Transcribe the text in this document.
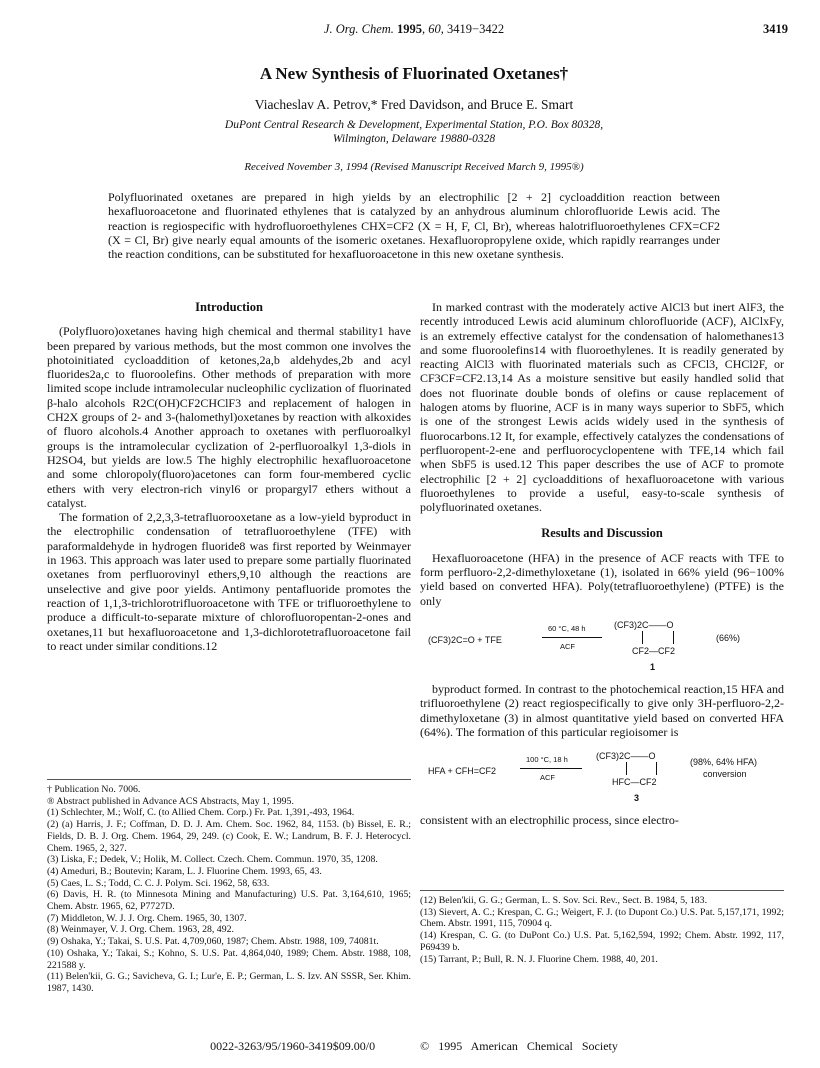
J. Org. Chem. 1995, 60, 3419−3422	3419
A New Synthesis of Fluorinated Oxetanes†
Viacheslav A. Petrov,* Fred Davidson, and Bruce E. Smart
DuPont Central Research & Development, Experimental Station, P.O. Box 80328,
Wilmington, Delaware 19880-0328
Received November 3, 1994 (Revised Manuscript Received March 9, 1995®)
Polyfluorinated oxetanes are prepared in high yields by an electrophilic [2 + 2] cycloaddition reaction between hexafluoroacetone and fluorinated ethylenes that is catalyzed by an anhydrous aluminum chlorofluoride Lewis acid. The reaction is regiospecific with hydrofluoroethylenes CHX=CF2 (X = H, F, Cl, Br), whereas halotrifluoroethylenes CFX=CF2 (X = Cl, Br) give nearly equal amounts of the isomeric oxetanes. Hexafluoropropylene oxide, which rapidly rearranges under the reaction conditions, can be substituted for hexafluoroacetone in this new oxetane synthesis.
Introduction

(Polyfluoro)oxetanes having high chemical and thermal stability1 have been prepared by various methods, but the most common one involves the photoinitiated cycloaddition of ketones,2a,b aldehydes,2b and acyl fluorides2a,c to fluoroolefins. Other methods of preparation with more limited scope include intramolecular nucleophilic cyclization of fluorinated β-halo alcohols R2C(OH)CF2CHClF3 and replacement of halogen in CH2X groups of 2- and 3-(halomethyl)oxetanes by reaction with alkoxides of fluoro alcohols.4 Another approach to oxetanes with perfluoroalkyl groups is the intramolecular cyclization of 2-perfluoroalkyl 1,3-diols in H2SO4, but yields are low.5 The highly electrophilic hexafluoroacetone and some chloropoly(fluoro)acetones can form four-membered cyclic ethers with very electron-rich vinyl6 or propargyl7 ethers without a catalyst.

The formation of 2,2,3,3-tetrafluorooxetane as a low-yield byproduct in the electrophilic condensation of tetrafluoroethylene (TFE) with paraformaldehyde in hydrogen fluoride8 was first reported by Weinmayer in 1963. This approach was later used to prepare some partially fluorinated oxetanes from perfluorovinyl ethers,9,10 although the reactions are unselective and give poor yields. Antimony pentafluoride promotes the reaction of 1,1,3-trichlorotrifluoroacetone with TFE or trifluoroethylene to produce a difficult-to-separate mixture of chlorofluoropentan-2-ones and oxetanes,11 but hexafluoroacetone and 1,3-dichlorotetrafluoroacetone fail to react under similar conditions.12

In marked contrast with the moderately active AlCl3 but inert AlF3, the recently introduced Lewis acid aluminum chlorofluoride (ACF), AlClxFy, is an extremely effective catalyst for the condensation of halomethanes13 and some fluoroolefins14 with fluoroethylenes. It is readily generated by reacting AlCl3 with fluorinated materials such as CFCl3, CHCl2F, or CF3CF=CF2.13,14 As a moisture sensitive but easily handled solid that does not fluorinate double bonds of olefins or cause replacement of halogen atoms by fluorine, ACF is in many ways superior to SbF5, which is one of the strongest Lewis acids widely used in the synthesis of fluorocarbons.12 It, for example, effectively catalyzes the condensations of perfluoropent-2-ene and perfluorocyclopentene with TFE,14 which fail when SbF5 is used.12 This paper describes the use of ACF to promote electrophilic [2 + 2] cycloadditions of hexafluoroacetone with various fluoroethylenes to provide a useful, easy-to-scale synthesis of polyfluorinated oxetanes.

Results and Discussion

Hexafluoroacetone (HFA) in the presence of ACF reacts with TFE to form perfluoro-2,2-dimethyloxetane (1), isolated in 66% yield (96−100% yield based on converted HFA). Poly(tetrafluoroethylene) (PTFE) is the only

(CF3)2C=O + TFE
60 °C, 48 h
ACF
(CF3)2C——O
CF2—CF2
(66%)
1

byproduct formed. In contrast to the photochemical reaction,15 HFA and trifluoroethylene (2) react regiospecifically to give only 3H-perfluoro-2,2-dimethyloxetane (3) in almost quantitative yield based on converted HFA (64%). The formation of this particular regioisomer is

HFA + CFH=CF2
100 °C, 18 h
ACF
(CF3)2C——O
HFC—CF2
(98%, 64% HFA)
conversion
3

consistent with an electrophilic process, since electro-

† Publication No. 7006.
® Abstract published in Advance ACS Abstracts, May 1, 1995.
(1) Schlechter, M.; Wolf, C. (to Allied Chem. Corp.) Fr. Pat. 1,391,-493, 1964.
(2) (a) Harris, J. F.; Coffman, D. D. J. Am. Chem. Soc. 1962, 84, 1153. (b) Bissel, E. R.; Fields, D. B. J. Org. Chem. 1964, 29, 249. (c) Cook, E. W.; Landrum, B. F. J. Heterocycl. Chem. 1965, 2, 327.
(3) Liska, F.; Dedek, V.; Holik, M. Collect. Czech. Chem. Commun. 1970, 35, 1208.
(4) Ameduri, B.; Boutevin; Karam, L. J. Fluorine Chem. 1993, 65, 43.
(5) Caes, L. S.; Todd, C. C. J. Polym. Sci. 1962, 58, 633.
(6) Davis, H. R. (to Minnesota Mining and Manufacturing) U.S. Pat. 3,164,610, 1965; Chem. Abstr. 1965, 62, P7727D.
(7) Middleton, W. J. J. Org. Chem. 1965, 30, 1307.
(8) Weinmayer, V. J. Org. Chem. 1963, 28, 492.
(9) Oshaka, Y.; Takai, S. U.S. Pat. 4,709,060, 1987; Chem. Abstr. 1988, 109, 74081t.
(10) Oshaka, Y.; Takai, S.; Kohno, S. U.S. Pat. 4,864,040, 1989; Chem. Abstr. 1988, 108, 221588 y.
(11) Belen'kii, G. G.; Savicheva, G. I.; Lur'e, E. P.; German, L. S. Izv. AN SSSR, Ser. Khim. 1987, 1430.
(12) Belen'kii, G. G.; German, L. S. Sov. Sci. Rev., Sect. B. 1984, 5, 183.
(13) Sievert, A. C.; Krespan, C. G.; Weigert, F. J. (to Dupont Co.) U.S. Pat. 5,157,171, 1992; Chem. Abstr. 1991, 115, 70904 q.
(14) Krespan, C. G. (to DuPont Co.) U.S. Pat. 5,162,594, 1992; Chem. Abstr. 1992, 117, P69439 b.
(15) Tarrant, P.; Bull, R. N. J. Fluorine Chem. 1988, 40, 201.
0022-3263/95/1960-3419$09.00/0	© 1995 American Chemical Society
